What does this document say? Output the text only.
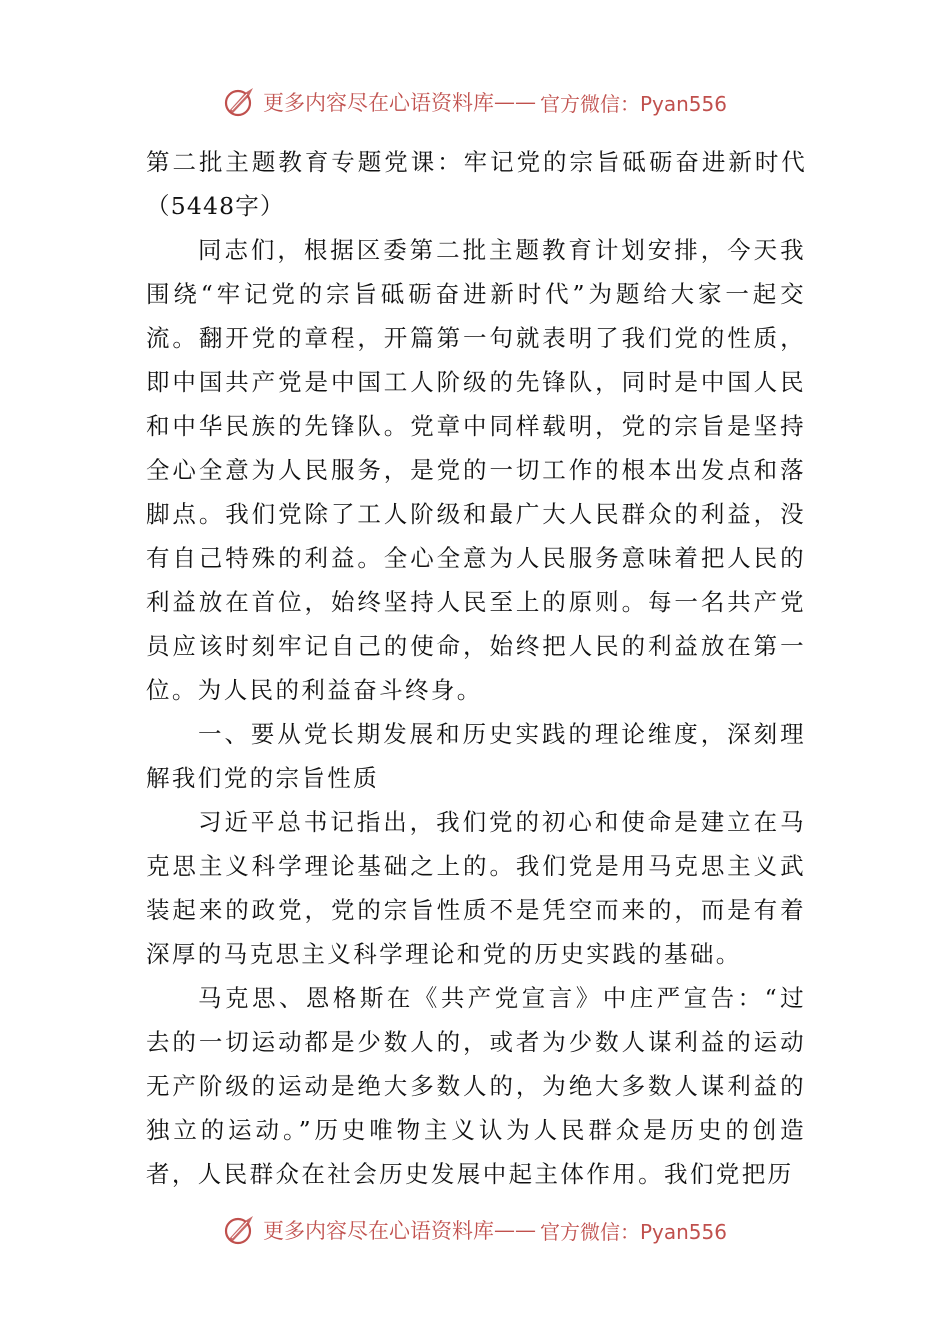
更多内容尽在心语资料库 —— 官方微信：Pyan556

第二批主题教育专题党课：牢记党的宗旨砥砺奋进新时代（5448字）

同志们，根据区委第二批主题教育计划安排，今天我围绕“牢记党的宗旨砥砺奋进新时代”为题给大家一起交流。翻开党的章程，开篇第一句就表明了我们党的性质，即中国共产党是中国工人阶级的先锋队，同时是中国人民和中华民族的先锋队。党章中同样载明，党的宗旨是坚持全心全意为人民服务，是党的一切工作的根本出发点和落脚点。我们党除了工人阶级和最广大人民群众的利益，没有自己特殊的利益。全心全意为人民服务意味着把人民的利益放在首位，始终坚持人民至上的原则。每一名共产党员应该时刻牢记自己的使命，始终把人民的利益放在第一位。为人民的利益奋斗终身。

一、要从党长期发展和历史实践的理论维度，深刻理解我们党的宗旨性质

习近平总书记指出，我们党的初心和使命是建立在马克思主义科学理论基础之上的。我们党是用马克思主义武装起来的政党，党的宗旨性质不是凭空而来的，而是有着深厚的马克思主义科学理论和党的历史实践的基础。

马克思、恩格斯在《共产党宣言》中庄严宣告：“过去的一切运动都是少数人的，或者为少数人谋利益的运动无产阶级的运动是绝大多数人的，为绝大多数人谋利益的独立的运动。”历史唯物主义认为人民群众是历史的创造者，人民群众在社会历史发展中起主体作用。我们党把历

更多内容尽在心语资料库 —— 官方微信：Pyan556
